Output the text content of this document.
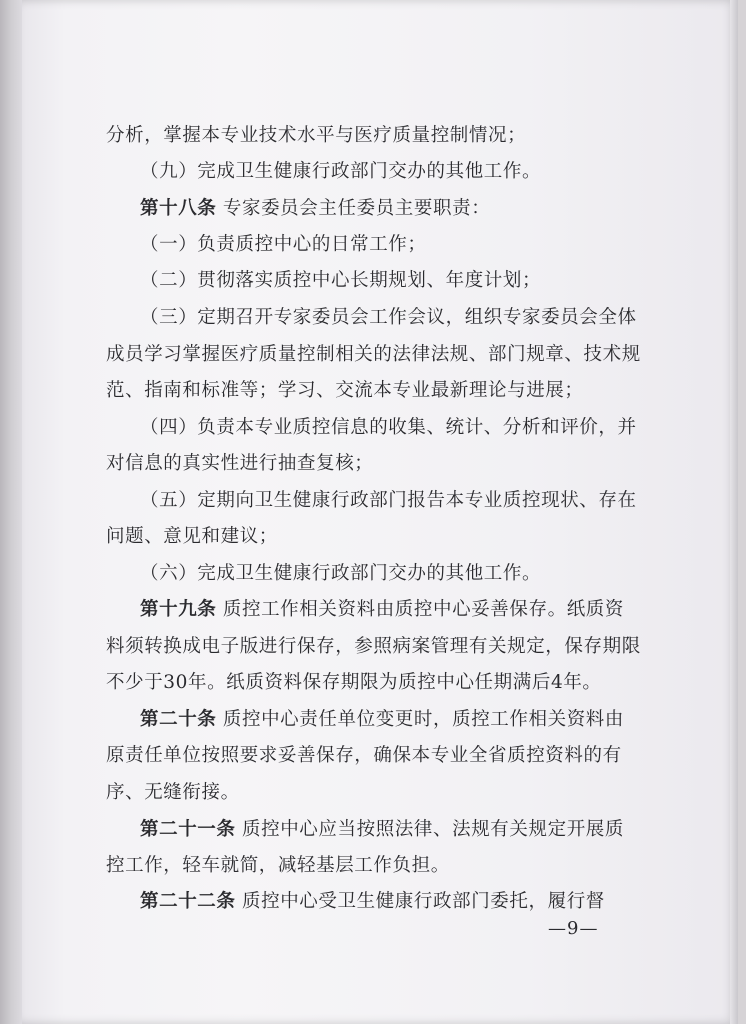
分析，掌握本专业技术水平与医疗质量控制情况；
（九）完成卫生健康行政部门交办的其他工作。
第十八条 专家委员会主任委员主要职责：
（一）负责质控中心的日常工作；
（二）贯彻落实质控中心长期规划、年度计划；
（三）定期召开专家委员会工作会议，组织专家委员会全体
成员学习掌握医疗质量控制相关的法律法规、部门规章、技术规
范、指南和标准等；学习、交流本专业最新理论与进展；
（四）负责本专业质控信息的收集、统计、分析和评价，并
对信息的真实性进行抽查复核；
（五）定期向卫生健康行政部门报告本专业质控现状、存在
问题、意见和建议；
（六）完成卫生健康行政部门交办的其他工作。
第十九条 质控工作相关资料由质控中心妥善保存。纸质资
料须转换成电子版进行保存，参照病案管理有关规定，保存期限
不少于30年。纸质资料保存期限为质控中心任期满后4年。
第二十条 质控中心责任单位变更时，质控工作相关资料由
原责任单位按照要求妥善保存，确保本专业全省质控资料的有
序、无缝衔接。
第二十一条 质控中心应当按照法律、法规有关规定开展质
控工作，轻车就简，减轻基层工作负担。
第二十二条 质控中心受卫生健康行政部门委托，履行督
—9—
